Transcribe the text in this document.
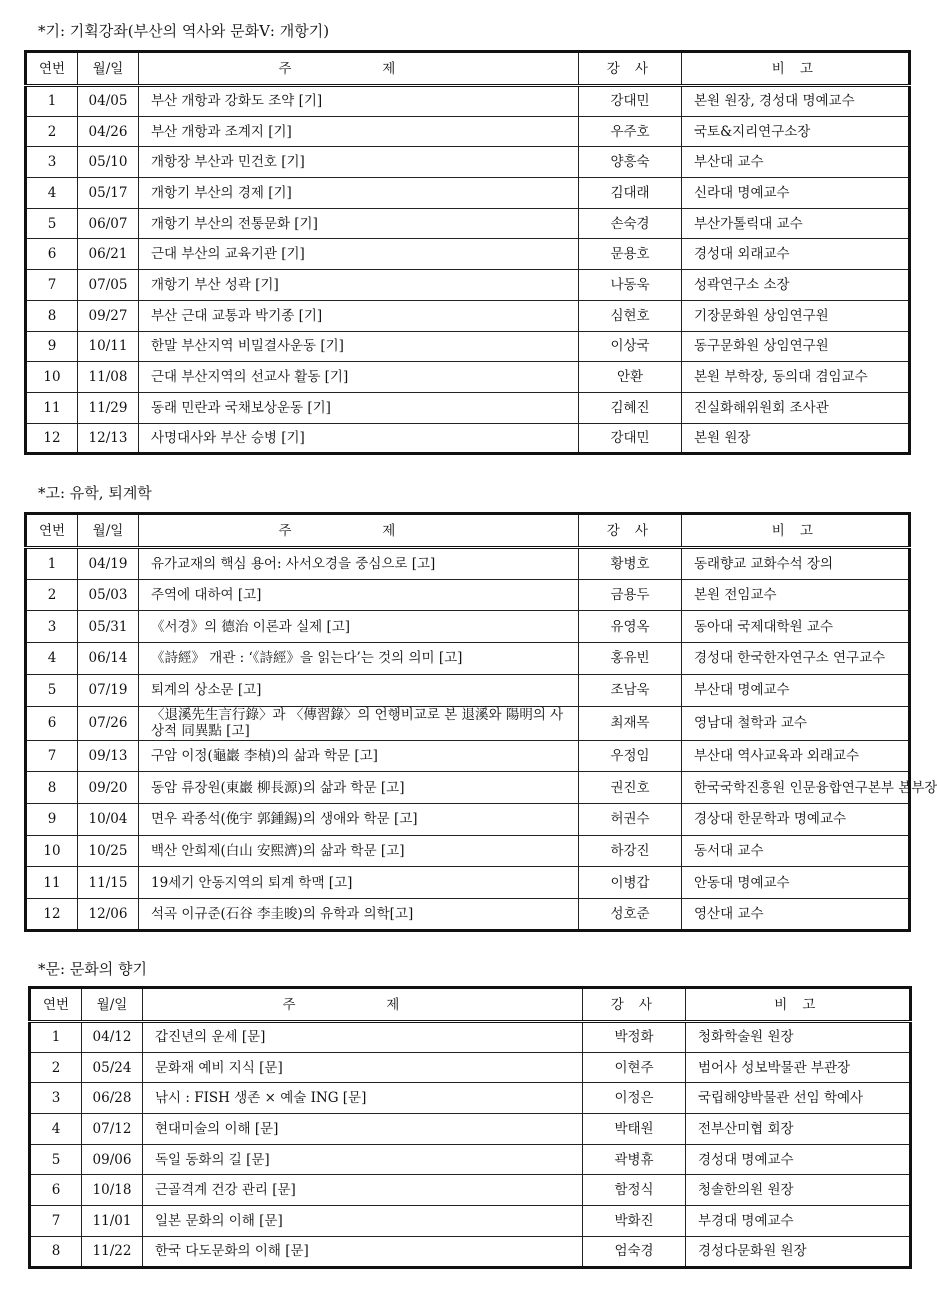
*기: 기획강좌(부산의 역사와 문화Ⅴ: 개항기)
연번	월/일	주 제	강 사	비 고
1	04/05	부산 개항과 강화도 조약 [기]	강대민	본원 원장, 경성대 명예교수
2	04/26	부산 개항과 조계지 [기]	우주호	국토&지리연구소장
3	05/10	개항장 부산과 민건호 [기]	양흥숙	부산대 교수
4	05/17	개항기 부산의 경제 [기]	김대래	신라대 명예교수
5	06/07	개항기 부산의 전통문화 [기]	손숙경	부산가톨릭대 교수
6	06/21	근대 부산의 교육기관 [기]	문용호	경성대 외래교수
7	07/05	개항기 부산 성곽 [기]	나동욱	성곽연구소 소장
8	09/27	부산 근대 교통과 박기종 [기]	심현호	기장문화원 상임연구원
9	10/11	한말 부산지역 비밀결사운동 [기]	이상국	동구문화원 상임연구원
10	11/08	근대 부산지역의 선교사 활동 [기]	안환	본원 부학장, 동의대 겸임교수
11	11/29	동래 민란과 국채보상운동 [기]	김혜진	진실화해위원회 조사관
12	12/13	사명대사와 부산 승병 [기]	강대민	본원 원장
*고: 유학, 퇴계학
연번	월/일	주 제	강 사	비 고
1	04/19	유가교재의 핵심 용어: 사서오경을 중심으로 [고]	황병호	동래향교 교화수석 장의
2	05/03	주역에 대하여 [고]	금용두	본원 전임교수
3	05/31	《서경》의 德治 이론과 실제 [고]	유영옥	동아대 국제대학원 교수
4	06/14	《詩經》 개관 : ‘《詩經》을 읽는다’는 것의 의미 [고]	홍유빈	경성대 한국한자연구소 연구교수
5	07/19	퇴계의 상소문 [고]	조남욱	부산대 명예교수
6	07/26	〈退溪先生言行錄〉과 〈傳習錄〉의 언행비교로 본 退溪와 陽明의 사상적 同異點 [고]	최재목	영남대 철학과 교수
7	09/13	구암 이정(龜巖 李楨)의 삶과 학문 [고]	우정임	부산대 역사교육과 외래교수
8	09/20	동암 류장원(東巖 柳長源)의 삶과 학문 [고]	권진호	한국국학진흥원 인문융합연구본부 본부장
9	10/04	면우 곽종석(俛宇 郭鍾錫)의 생애와 학문 [고]	허권수	경상대 한문학과 명예교수
10	10/25	백산 안희제(白山 安熙濟)의 삶과 학문 [고]	하강진	동서대 교수
11	11/15	19세기 안동지역의 퇴계 학맥 [고]	이병갑	안동대 명예교수
12	12/06	석곡 이규준(石谷 李圭晙)의 유학과 의학[고]	성호준	영산대 교수
*문: 문화의 향기
연번	월/일	주 제	강 사	비 고
1	04/12	갑진년의 운세 [문]	박정화	청화학술원 원장
2	05/24	문화재 예비 지식 [문]	이현주	범어사 성보박물관 부관장
3	06/28	낚시 : FISH 생존 × 예술 ING [문]	이정은	국립해양박물관 선임 학예사
4	07/12	현대미술의 이해 [문]	박태원	전부산미협 회장
5	09/06	독일 동화의 길 [문]	곽병휴	경성대 명예교수
6	10/18	근골격계 건강 관리 [문]	함정식	청솔한의원 원장
7	11/01	일본 문화의 이해 [문]	박화진	부경대 명예교수
8	11/22	한국 다도문화의 이해 [문]	엄숙경	경성다문화원 원장
